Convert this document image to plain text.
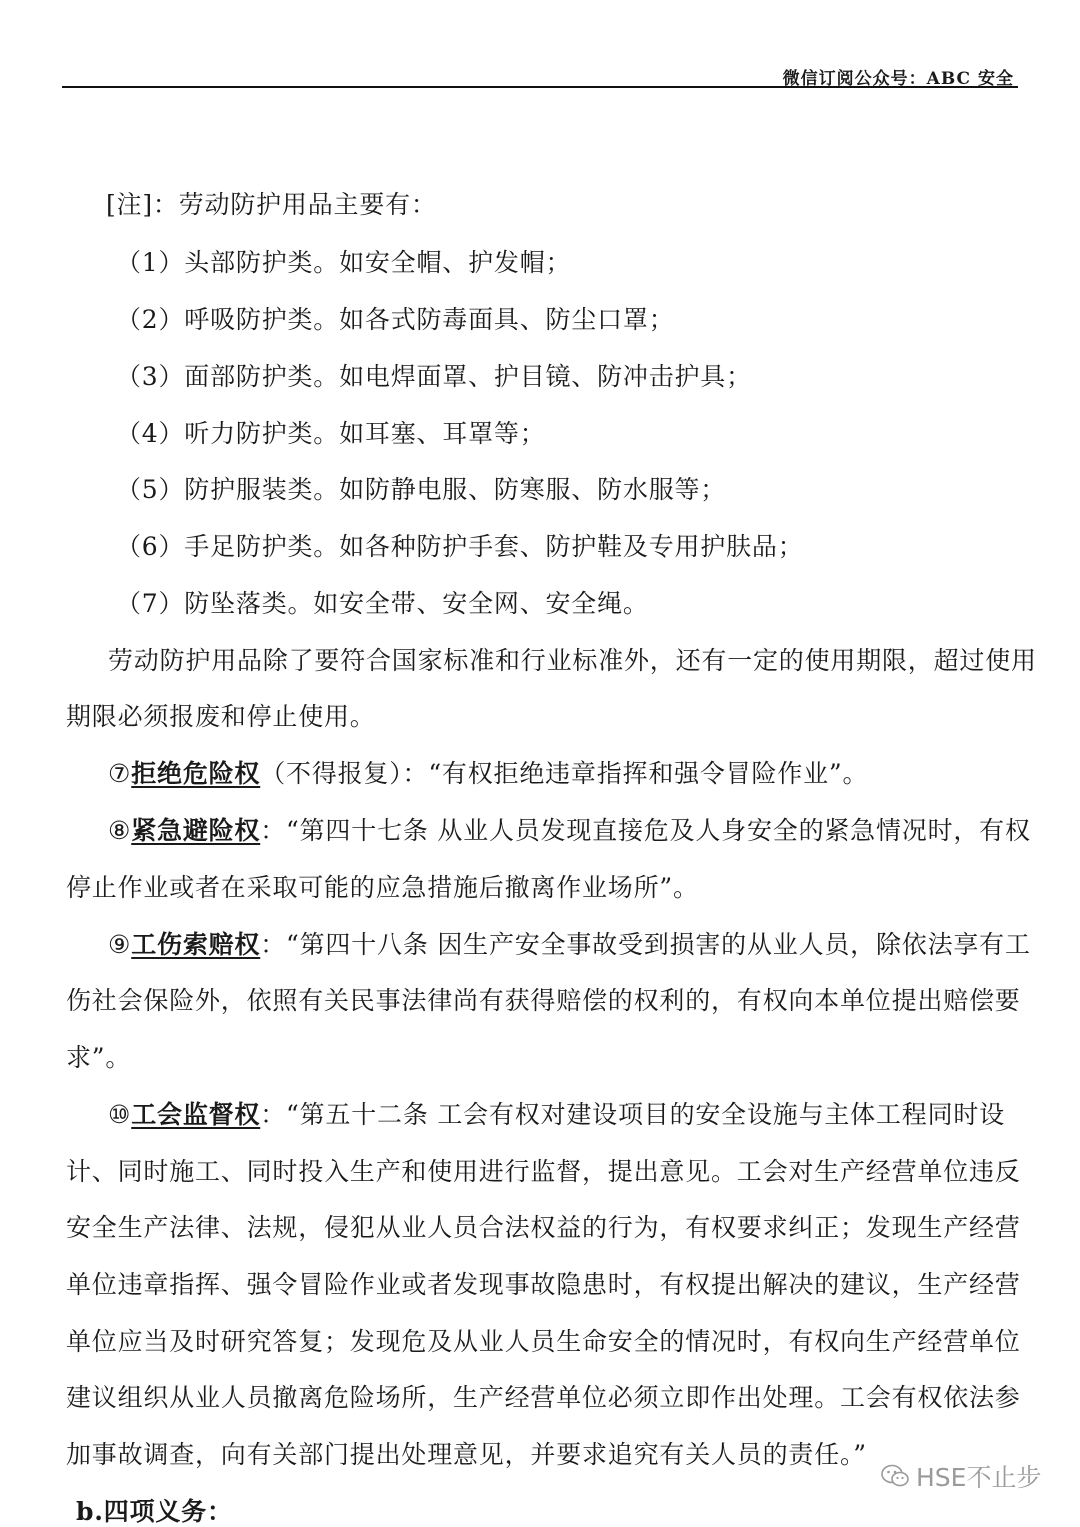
微信订阅公众号：ABC 安全
[注]：劳动防护用品主要有：
（1）头部防护类。如安全帽、护发帽；
（2）呼吸防护类。如各式防毒面具、防尘口罩；
（3）面部防护类。如电焊面罩、护目镜、防冲击护具；
（4）听力防护类。如耳塞、耳罩等；
（5）防护服装类。如防静电服、防寒服、防水服等；
（6）手足防护类。如各种防护手套、防护鞋及专用护肤品；
（7）防坠落类。如安全带、安全网、安全绳。
劳动防护用品除了要符合国家标准和行业标准外，还有一定的使用期限，超过使用
期限必须报废和停止使用。
⑦拒绝危险权（不得报复）：“有权拒绝违章指挥和强令冒险作业”。
⑧紧急避险权：“第四十七条 从业人员发现直接危及人身安全的紧急情况时，有权
停止作业或者在采取可能的应急措施后撤离作业场所”。
⑨工伤索赔权：“第四十八条 因生产安全事故受到损害的从业人员，除依法享有工
伤社会保险外，依照有关民事法律尚有获得赔偿的权利的，有权向本单位提出赔偿要
求”。
⑩工会监督权：“第五十二条 工会有权对建设项目的安全设施与主体工程同时设
计、同时施工、同时投入生产和使用进行监督，提出意见。工会对生产经营单位违反
安全生产法律、法规，侵犯从业人员合法权益的行为，有权要求纠正；发现生产经营
单位违章指挥、强令冒险作业或者发现事故隐患时，有权提出解决的建议，生产经营
单位应当及时研究答复；发现危及从业人员生命安全的情况时，有权向生产经营单位
建议组织从业人员撤离危险场所，生产经营单位必须立即作出处理。工会有权依法参
加事故调查，向有关部门提出处理意见，并要求追究有关人员的责任。”
b.四项义务：
HSE不止步
